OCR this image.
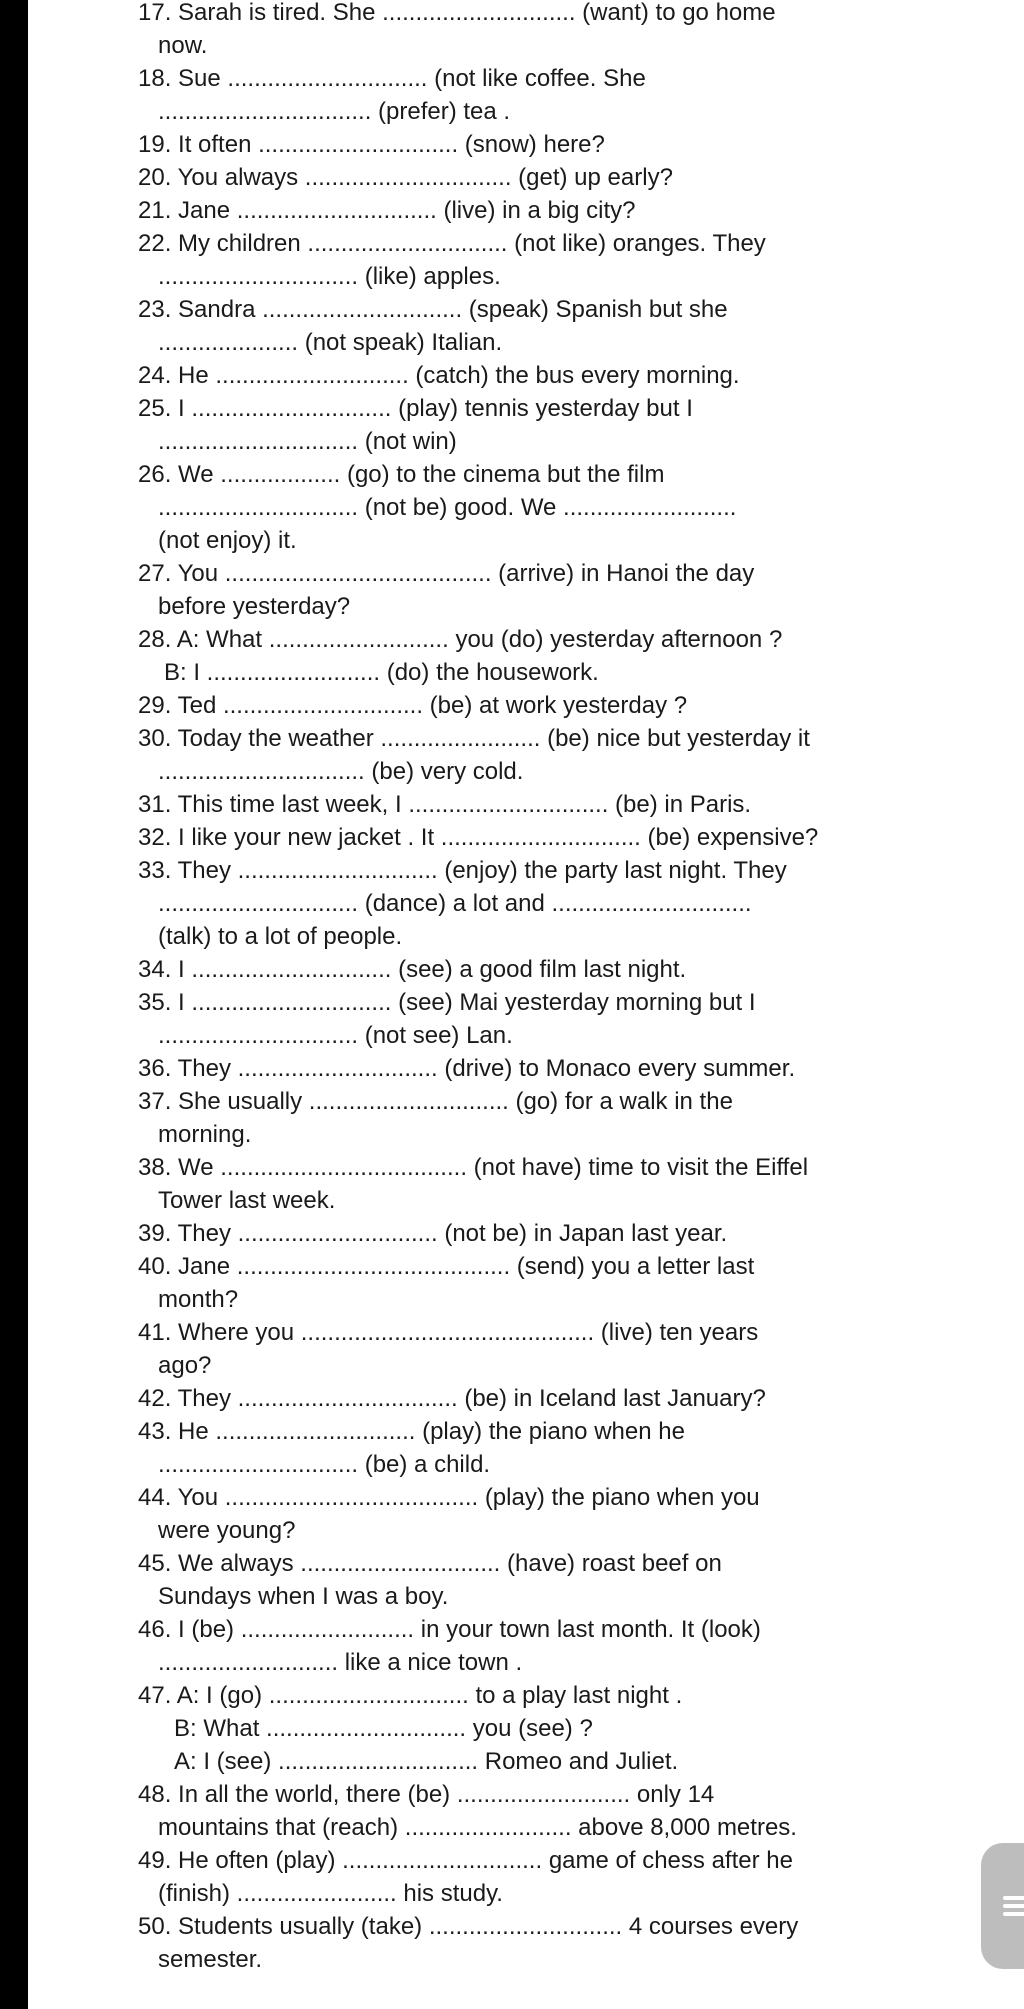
17. Sarah is tired. She ............................. (want) to go home
now.
18. Sue .............................. (not like coffee. She
................................ (prefer) tea .
19. It often .............................. (snow) here?
20. You always ............................... (get) up early?
21. Jane .............................. (live) in a big city?
22. My children .............................. (not like) oranges. They
.............................. (like) apples.
23. Sandra .............................. (speak) Spanish but she
..................... (not speak) Italian.
24. He ............................. (catch) the bus every morning.
25. I .............................. (play) tennis yesterday but I
.............................. (not win)
26. We .................. (go) to the cinema but the film
.............................. (not be) good. We ..........................
(not enjoy) it.
27. You ........................................ (arrive) in Hanoi the day
before yesterday?
28. A: What ........................... you (do) yesterday afternoon ?
B: I .......................... (do) the housework.
29. Ted .............................. (be) at work yesterday ?
30. Today the weather ........................ (be) nice but yesterday it
............................... (be) very cold.
31. This time last week, I .............................. (be) in Paris.
32. I like your new jacket . It .............................. (be) expensive?
33. They .............................. (enjoy) the party last night. They
.............................. (dance) a lot and ..............................
(talk) to a lot of people.
34. I .............................. (see) a good film last night.
35. I .............................. (see) Mai yesterday morning but I
.............................. (not see) Lan.
36. They .............................. (drive) to Monaco every summer.
37. She usually .............................. (go) for a walk in the
morning.
38. We ..................................... (not have) time to visit the Eiffel
Tower last week.
39. They .............................. (not be) in Japan last year.
40. Jane ......................................... (send) you a letter last
month?
41. Where you ............................................ (live) ten years
ago?
42. They ................................. (be) in Iceland last January?
43. He .............................. (play) the piano when he
.............................. (be) a child.
44. You ...................................... (play) the piano when you
were young?
45. We always .............................. (have) roast beef on
Sundays when I was a boy.
46. I (be) .......................... in your town last month. It (look)
........................... like a nice town .
47. A: I (go) .............................. to a play last night .
B: What .............................. you (see) ?
A: I (see) .............................. Romeo and Juliet.
48. In all the world, there (be) .......................... only 14
mountains that (reach) ......................... above 8,000 metres.
49. He often (play) .............................. game of chess after he
(finish) ........................ his study.
50. Students usually (take) ............................. 4 courses every
semester.
